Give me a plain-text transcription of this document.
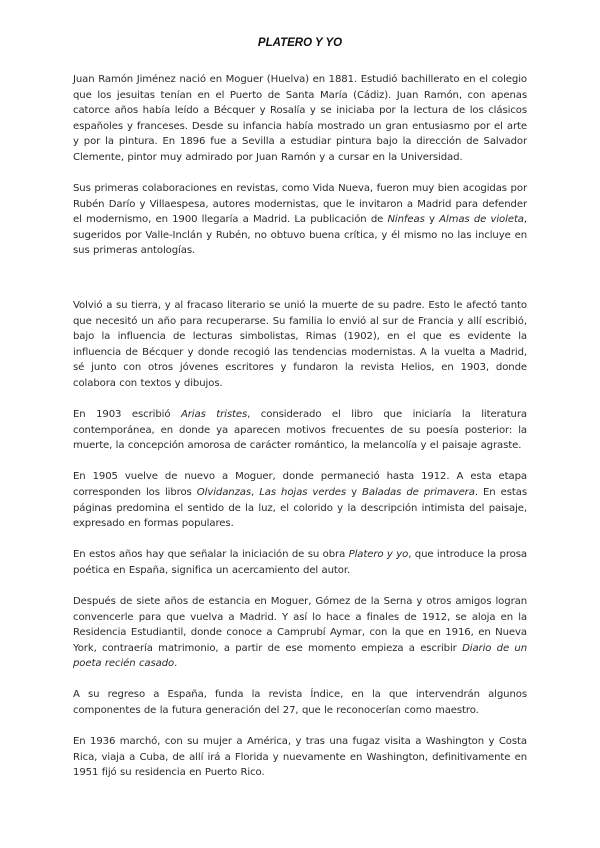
PLATERO Y YO

Juan Ramón Jiménez nació en Moguer (Huelva) en 1881. Estudió bachillerato en el colegio que los jesuitas tenían en el Puerto de Santa María (Cádiz). Juan Ramón, con apenas catorce años había leído a Bécquer y Rosalía y se iniciaba por la lectura de los clásicos españoles y franceses. Desde su infancia había mostrado un gran entusiasmo por el arte y por la pintura. En 1896 fue a Sevilla a estudiar pintura bajo la dirección de Salvador Clemente, pintor muy admirado por Juan Ramón y a cursar en la Universidad.

Sus primeras colaboraciones en revistas, como Vida Nueva, fueron muy bien acogidas por Rubén Darío y Villaespesa, autores modernistas, que le invitaron a Madrid para defender el modernismo, en 1900 llegaría a Madrid. La publicación de Ninfeas y Almas de violeta, sugeridos por Valle-Inclán y Rubén, no obtuvo buena crítica, y él mismo no las incluye en sus primeras antologías.

Volvió a su tierra, y al fracaso literario se unió la muerte de su padre. Esto le afectó tanto que necesitó un año para recuperarse. Su familia lo envió al sur de Francia y allí escribió, bajo la influencia de lecturas simbolistas, Rimas (1902), en el que es evidente la influencia de Bécquer y donde recogió las tendencias modernistas. A la vuelta a Madrid, sé junto con otros jóvenes escritores y fundaron la revista Helios, en 1903, donde colabora con textos y dibujos.

En 1903 escribió Arias tristes, considerado el libro que iniciaría la literatura contemporánea, en donde ya aparecen motivos frecuentes de su poesía posterior: la muerte, la concepción amorosa de carácter romántico, la melancolía y el paisaje agraste.

En 1905 vuelve de nuevo a Moguer, donde permaneció hasta 1912. A esta etapa corresponden los libros Olvidanzas, Las hojas verdes y Baladas de primavera. En estas páginas predomina el sentido de la luz, el colorido y la descripción intimista del paisaje, expresado en formas populares.

En estos años hay que señalar la iniciación de su obra Platero y yo, que introduce la prosa poética en España, significa un acercamiento del autor.

Después de siete años de estancia en Moguer, Gómez de la Serna y otros amigos logran convencerle para que vuelva a Madrid. Y así lo hace a finales de 1912, se aloja en la Residencia Estudiantil, donde conoce a Camprubí Aymar, con la que en 1916, en Nueva York, contraería matrimonio, a partir de ese momento empieza a escribir Diario de un poeta recién casado.

A su regreso a España, funda la revista Índice, en la que intervendrán algunos componentes de la futura generación del 27, que le reconocerían como maestro.

En 1936 marchó, con su mujer a América, y tras una fugaz visita a Washington y Costa Rica, viaja a Cuba, de allí irá a Florida y nuevamente en Washington, definitivamente en 1951 fijó su residencia en Puerto Rico.
